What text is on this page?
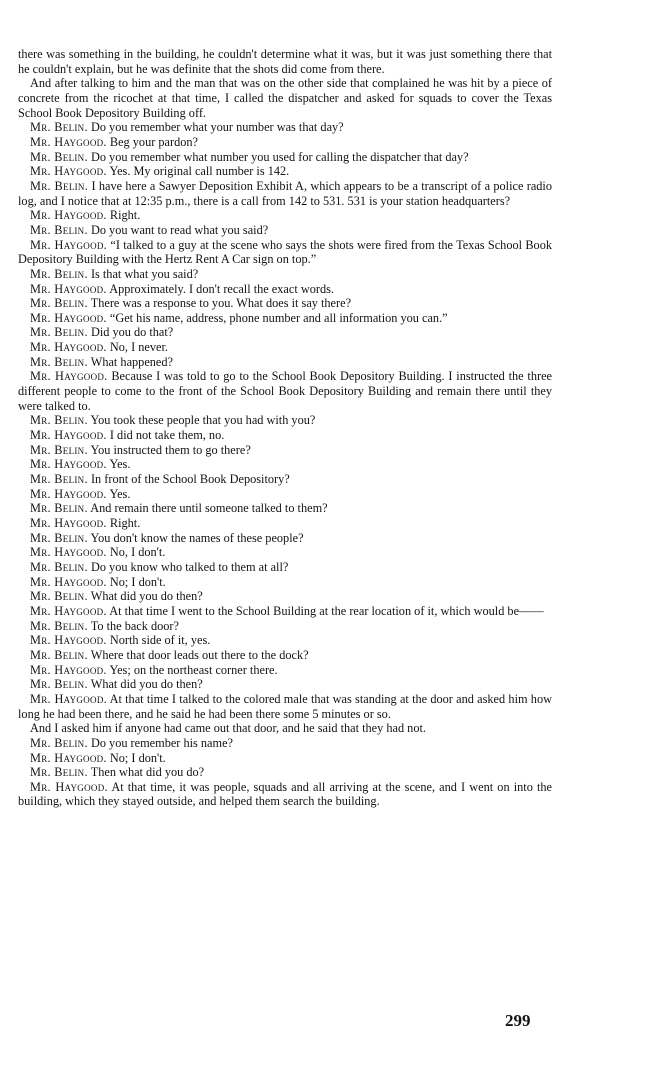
there was something in the building, he couldn't determine what it was, but it was just something there that he couldn't explain, but he was definite that the shots did come from there.

And after talking to him and the man that was on the other side that complained he was hit by a piece of concrete from the ricochet at that time, I called the dispatcher and asked for squads to cover the Texas School Book Depository Building off.

Mr. Belin. Do you remember what your number was that day?

Mr. Haygood. Beg your pardon?

Mr. Belin. Do you remember what number you used for calling the dispatcher that day?

Mr. Haygood. Yes. My original call number is 142.

Mr. Belin. I have here a Sawyer Deposition Exhibit A, which appears to be a transcript of a police radio log, and I notice that at 12:35 p.m., there is a call from 142 to 531. 531 is your station headquarters?

Mr. Haygood. Right.

Mr. Belin. Do you want to read what you said?

Mr. Haygood. “I talked to a guy at the scene who says the shots were fired from the Texas School Book Depository Building with the Hertz Rent A Car sign on top.”

Mr. Belin. Is that what you said?

Mr. Haygood. Approximately. I don't recall the exact words.

Mr. Belin. There was a response to you. What does it say there?

Mr. Haygood. “Get his name, address, phone number and all information you can.”

Mr. Belin. Did you do that?

Mr. Haygood. No, I never.

Mr. Belin. What happened?

Mr. Haygood. Because I was told to go to the School Book Depository Building. I instructed the three different people to come to the front of the School Book Depository Building and remain there until they were talked to.

Mr. Belin. You took these people that you had with you?

Mr. Haygood. I did not take them, no.

Mr. Belin. You instructed them to go there?

Mr. Haygood. Yes.

Mr. Belin. In front of the School Book Depository?

Mr. Haygood. Yes.

Mr. Belin. And remain there until someone talked to them?

Mr. Haygood. Right.

Mr. Belin. You don't know the names of these people?

Mr. Haygood. No, I don't.

Mr. Belin. Do you know who talked to them at all?

Mr. Haygood. No; I don't.

Mr. Belin. What did you do then?

Mr. Haygood. At that time I went to the School Building at the rear location of it, which would be——

Mr. Belin. To the back door?

Mr. Haygood. North side of it, yes.

Mr. Belin. Where that door leads out there to the dock?

Mr. Haygood. Yes; on the northeast corner there.

Mr. Belin. What did you do then?

Mr. Haygood. At that time I talked to the colored male that was standing at the door and asked him how long he had been there, and he said he had been there some 5 minutes or so.

And I asked him if anyone had came out that door, and he said that they had not.

Mr. Belin. Do you remember his name?

Mr. Haygood. No; I don't.

Mr. Belin. Then what did you do?

Mr. Haygood. At that time, it was people, squads and all arriving at the scene, and I went on into the building, which they stayed outside, and helped them search the building.

299
